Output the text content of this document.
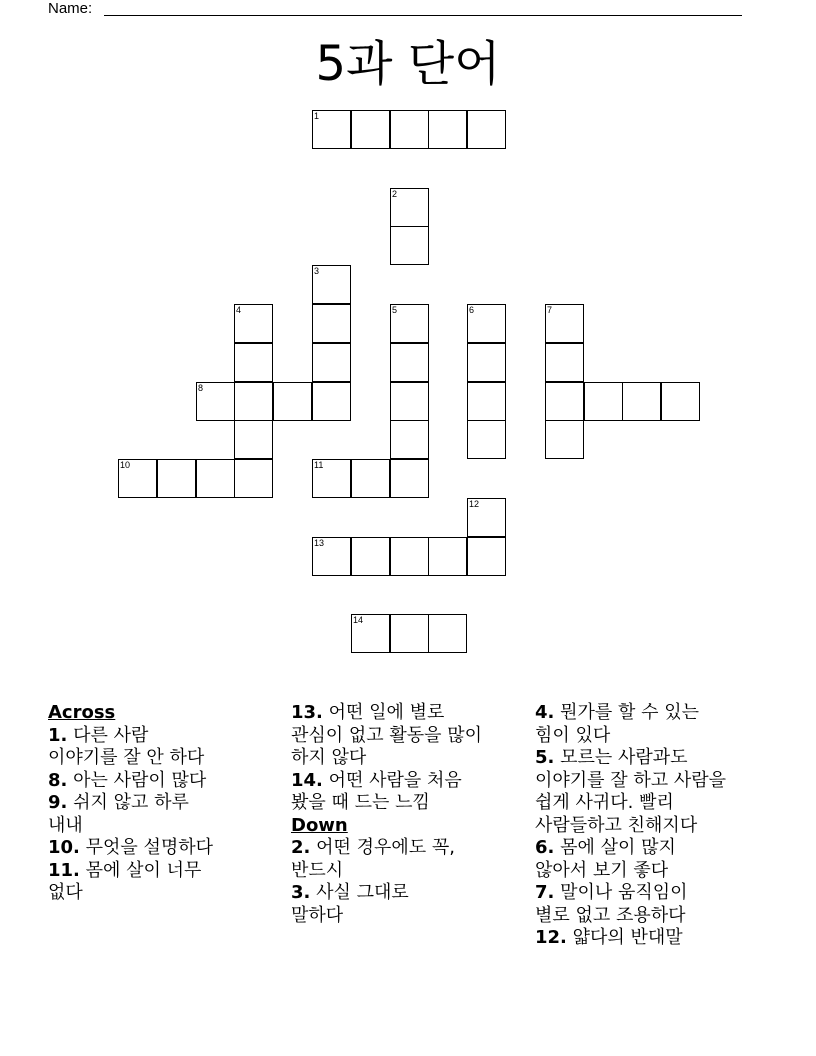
Name:
5과 단어
1
2
3
4	5	6	7
8
10	11
12
13
14
Across
1. 다른 사람
이야기를 잘 안 하다
8. 아는 사람이 많다
9. 쉬지 않고 하루
내내
10. 무엇을 설명하다
11. 몸에 살이 너무
없다
13. 어떤 일에 별로
관심이 없고 활동을 많이
하지 않다
14. 어떤 사람을 처음
봤을 때 드는 느낌
Down
2. 어떤 경우에도 꼭,
반드시
3. 사실 그대로
말하다
4. 뭔가를 할 수 있는
힘이 있다
5. 모르는 사람과도
이야기를 잘 하고 사람을
쉽게 사귀다. 빨리
사람들하고 친해지다
6. 몸에 살이 많지
않아서 보기 좋다
7. 말이나 움직임이
별로 없고 조용하다
12. 얇다의 반대말
